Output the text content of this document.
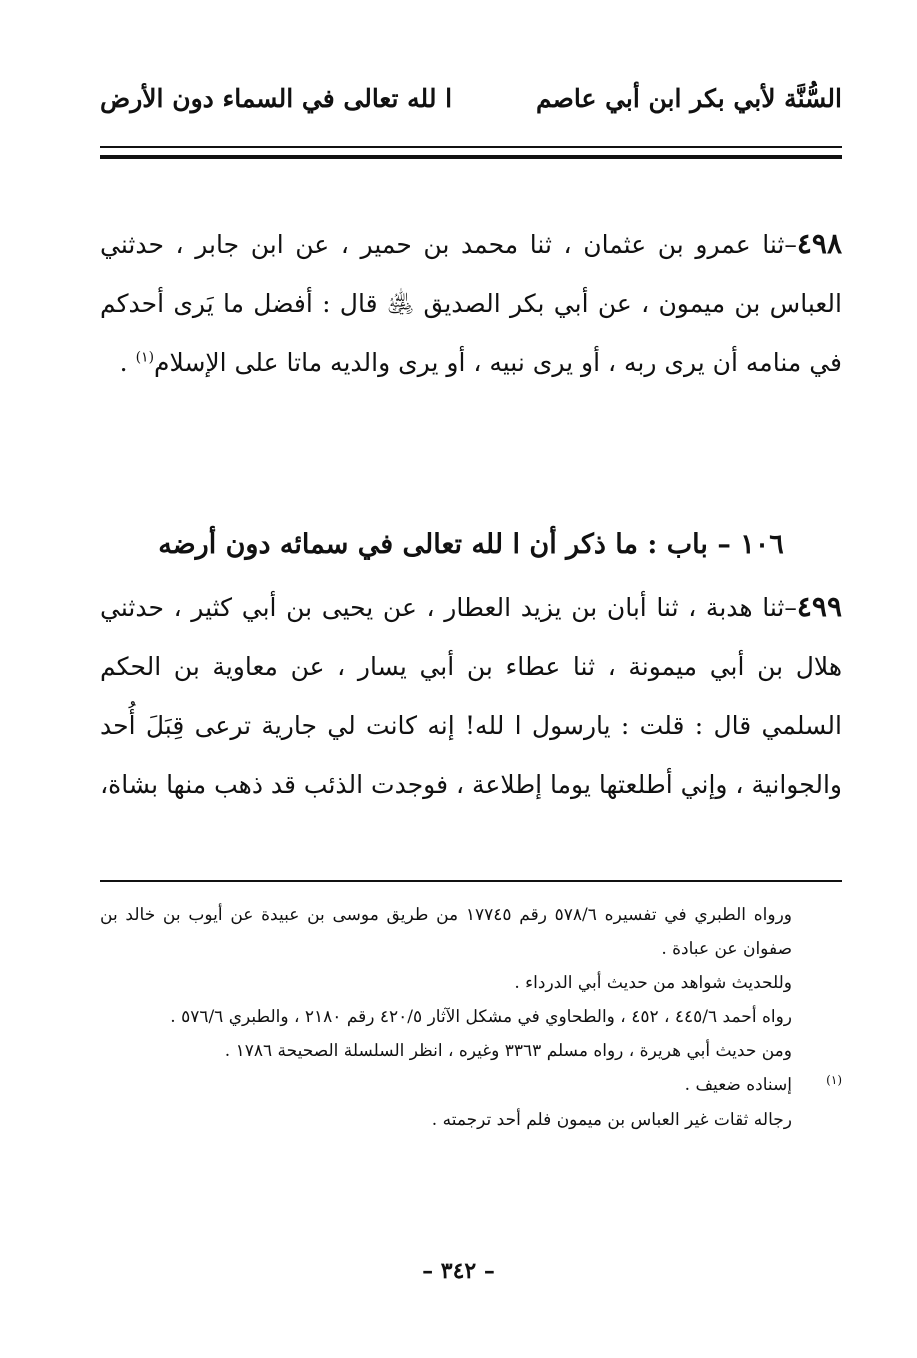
السُّنَّة لأبي بكر ابن أبي عاصم
ا لله تعالى في السماء دون الأرض
٤٩٨–ثنا عمرو بن عثمان ، ثنا محمد بن حمير ، عن ابن جابر ، حدثني العباس بن ميمون ، عن أبي بكر الصديق ﵁ قال : أفضل ما يَرى أحدكم في منامه أن يرى ربه ، أو يرى نبيه ، أو يرى والديه ماتا على الإسلام$^{(١)}$ .
١٠٦ – باب : ما ذكر أن ا لله تعالى في سمائه دون أرضه
٤٩٩–ثنا هدبة ، ثنا أبان بن يزيد العطار ، عن يحيى بن أبي كثير ، حدثني هلال بن أبي ميمونة ، ثنا عطاء بن أبي يسار ، عن معاوية بن الحكم السلمي قال : قلت : يارسول ا لله! إنه كانت لي جارية ترعى قِبَلَ أُحد والجوانية ، وإني أطلعتها يوما إطلاعة ، فوجدت الذئب قد ذهب منها بشاة،
ورواه الطبري في تفسيره ٥٧٨/٦ رقم ١٧٧٤٥ من طريق موسى بن عبيدة عن أيوب بن خالد بن صفوان عن عبادة .
وللحديث شواهد من حديث أبي الدرداء .
رواه أحمد ٤٤٥/٦ ، ٤٥٢ ، والطحاوي في مشكل الآثار ٤٢٠/٥ رقم ٢١٨٠ ، والطبري ٥٧٦/٦ .
ومن حديث أبي هريرة ، رواه مسلم ٣٣٦٣ وغيره ، انظر السلسلة الصحيحة ١٧٨٦ .
(١)
إسناده ضعيف .
رجاله ثقات غير العباس بن ميمون فلم أحد ترجمته .
– ٣٤٢ –
